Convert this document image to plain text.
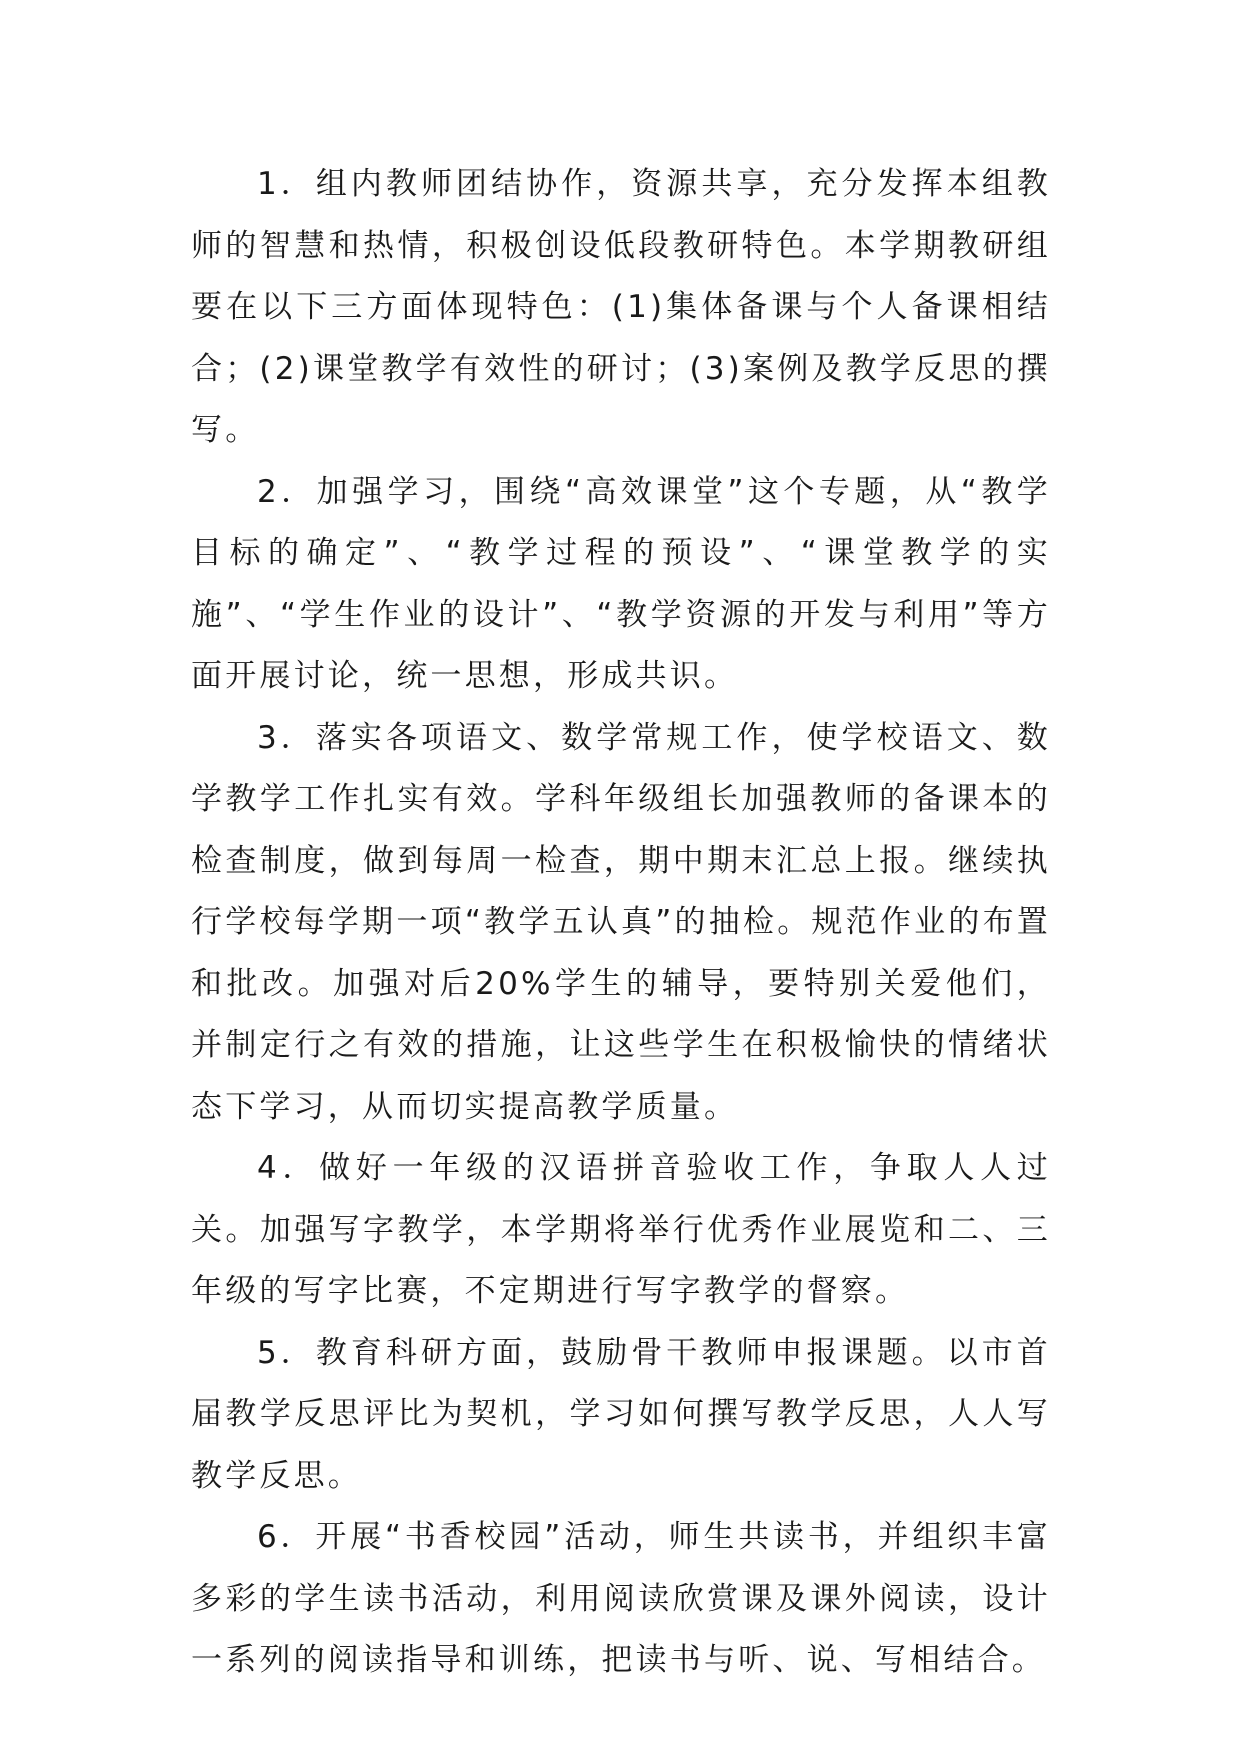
1．组内教师团结协作，资源共享，充分发挥本组教师的智慧和热情，积极创设低段教研特色。本学期教研组要在以下三方面体现特色：(1)集体备课与个人备课相结合；(2)课堂教学有效性的研讨；(3)案例及教学反思的撰写。

2．加强学习，围绕“高效课堂”这个专题，从“教学目标的确定”、“教学过程的预设”、“课堂教学的实施”、“学生作业的设计”、“教学资源的开发与利用”等方面开展讨论，统一思想，形成共识。

3．落实各项语文、数学常规工作，使学校语文、数学教学工作扎实有效。学科年级组长加强教师的备课本的检查制度，做到每周一检查，期中期末汇总上报。继续执行学校每学期一项“教学五认真”的抽检。规范作业的布置和批改。加强对后20%学生的辅导，要特别关爱他们，并制定行之有效的措施，让这些学生在积极愉快的情绪状态下学习，从而切实提高教学质量。

4．做好一年级的汉语拼音验收工作，争取人人过关。加强写字教学，本学期将举行优秀作业展览和二、三年级的写字比赛，不定期进行写字教学的督察。

5．教育科研方面，鼓励骨干教师申报课题。以市首届教学反思评比为契机，学习如何撰写教学反思，人人写教学反思。

6．开展“书香校园”活动，师生共读书，并组织丰富多彩的学生读书活动，利用阅读欣赏课及课外阅读，设计一系列的阅读指导和训练，把读书与听、说、写相结合。
